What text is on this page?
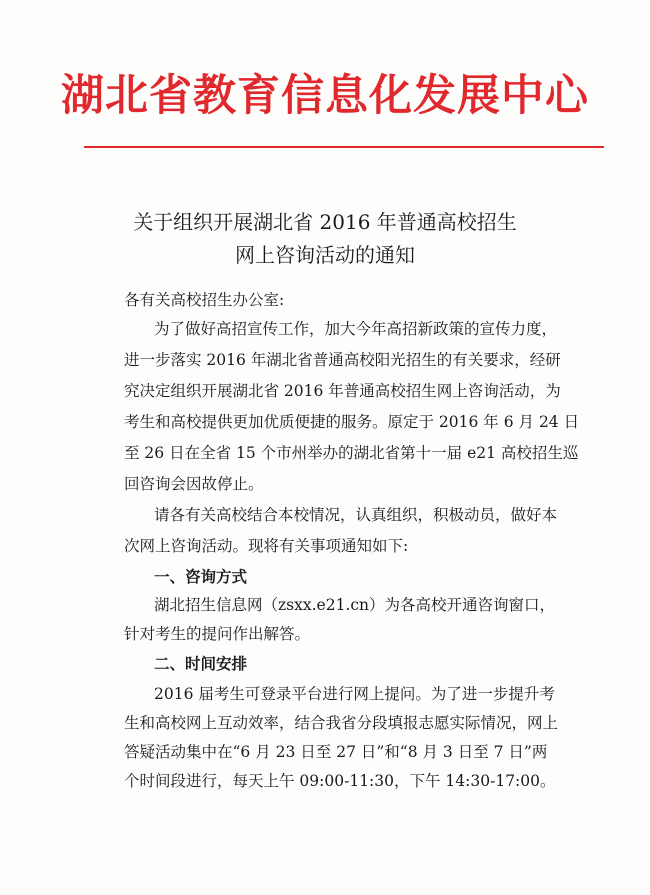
湖北省教育信息化发展中心
关于组织开展湖北省 2016 年普通高校招生
网上咨询活动的通知
各有关高校招生办公室:
为了做好高招宣传工作，加大今年高招新政策的宣传力度，
进一步落实 2016 年湖北省普通高校阳光招生的有关要求，经研
究决定组织开展湖北省 2016 年普通高校招生网上咨询活动，为
考生和高校提供更加优质便捷的服务。原定于 2016 年 6 月 24 日
至 26 日在全省 15 个市州举办的湖北省第十一届 e21 高校招生巡
回咨询会因故停止。
请各有关高校结合本校情况，认真组织，积极动员，做好本
次网上咨询活动。现将有关事项通知如下:
一、咨询方式
湖北招生信息网（zsxx.e21.cn）为各高校开通咨询窗口，
针对考生的提问作出解答。
二、时间安排
2016 届考生可登录平台进行网上提问。为了进一步提升考
生和高校网上互动效率，结合我省分段填报志愿实际情况，网上
答疑活动集中在“6 月 23 日至 27 日”和“8 月 3 日至 7 日”两
个时间段进行，每天上午 09:00-11:30，下午 14:30-17:00。
